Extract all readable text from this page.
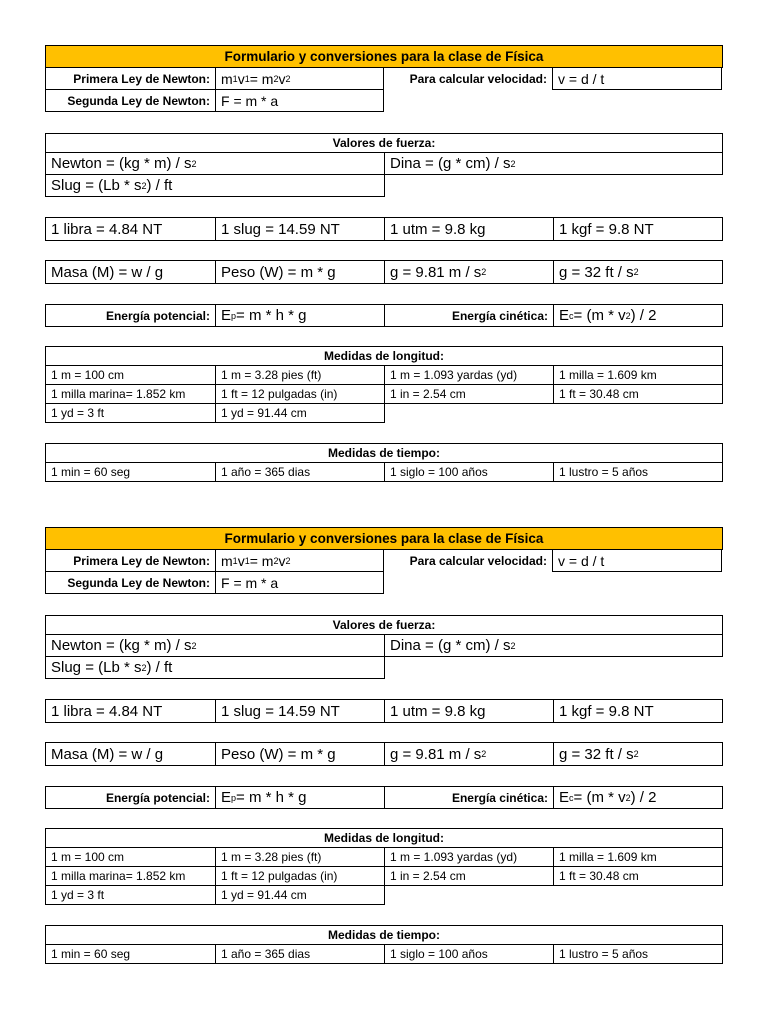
Formulario y conversiones para la clase de Física
Primera Ley de Newton: m 1 v 1 = m 2 v 2	Para calcular velocidad: v = d / t
Segunda Ley de Newton: F = m * a
Valores de fuerza:
Newton = (kg * m) / s 2	Dina = (g * cm) / s 2
Slug = (Lb * s 2 ) / ft
1 libra = 4.84 NT	1 slug = 14.59 NT	1 utm = 9.8 kg	1 kgf = 9.8 NT
Masa (M) = w / g	Peso (W) = m * g	g = 9.81 m / s 2	g = 32 ft / s 2
Energía potencial: E p = m * h * g	Energía cinética: E c = (m * v 2 ) / 2
Medidas de longitud:
1 m = 100 cm	1 m = 3.28 pies (ft)	1 m = 1.093 yardas (yd)	1 milla = 1.609 km
1 milla marina= 1.852 km	1 ft = 12 pulgadas (in)	1 in = 2.54 cm	1 ft = 30.48 cm
1 yd = 3 ft	1 yd = 91.44 cm
Medidas de tiempo:
1 min = 60 seg	1 año = 365 dias	1 siglo = 100 años	1 lustro = 5 años
Formulario y conversiones para la clase de Física
Primera Ley de Newton: m 1 v 1 = m 2 v 2	Para calcular velocidad: v = d / t
Segunda Ley de Newton: F = m * a
Valores de fuerza:
Newton = (kg * m) / s 2	Dina = (g * cm) / s 2
Slug = (Lb * s 2 ) / ft
1 libra = 4.84 NT	1 slug = 14.59 NT	1 utm = 9.8 kg	1 kgf = 9.8 NT
Masa (M) = w / g	Peso (W) = m * g	g = 9.81 m / s 2	g = 32 ft / s 2
Energía potencial: E p = m * h * g	Energía cinética: E c = (m * v 2 ) / 2
Medidas de longitud:
1 m = 100 cm	1 m = 3.28 pies (ft)	1 m = 1.093 yardas (yd)	1 milla = 1.609 km
1 milla marina= 1.852 km	1 ft = 12 pulgadas (in)	1 in = 2.54 cm	1 ft = 30.48 cm
1 yd = 3 ft	1 yd = 91.44 cm
Medidas de tiempo:
1 min = 60 seg	1 año = 365 dias	1 siglo = 100 años	1 lustro = 5 años
